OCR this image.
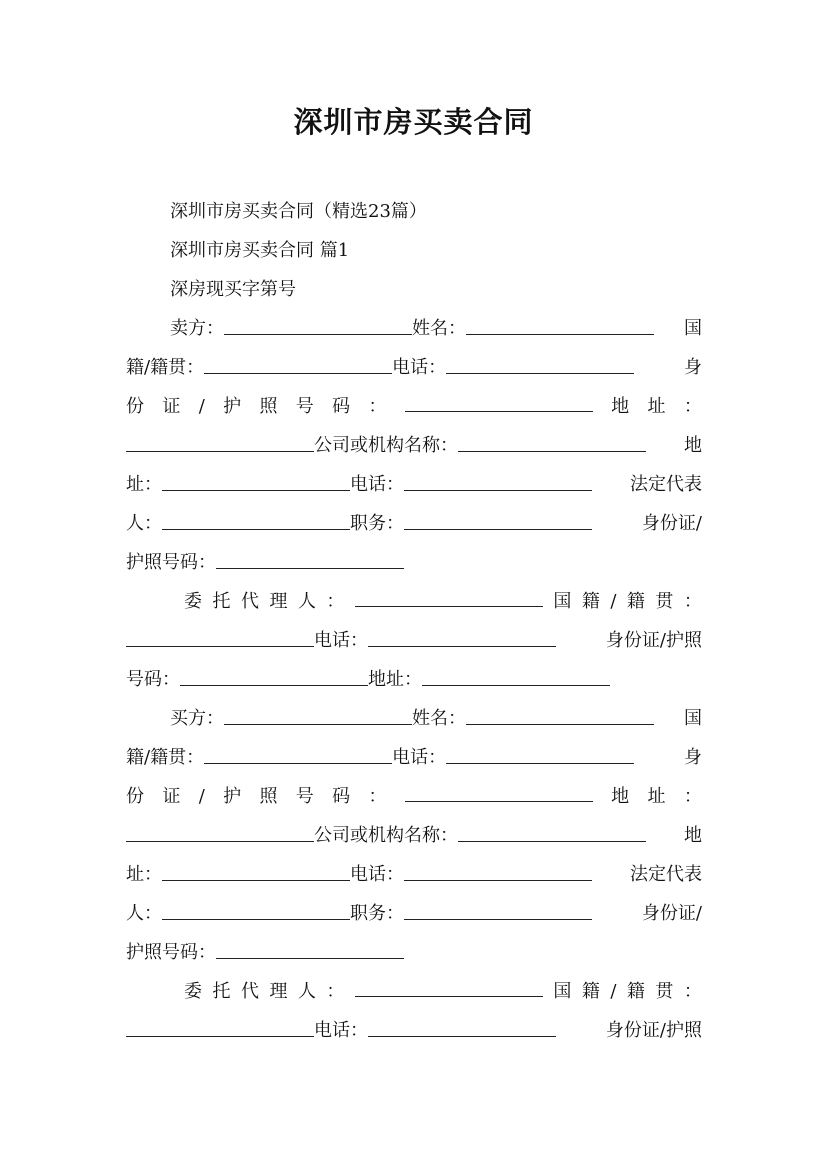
深圳市房买卖合同
深圳市房买卖合同（精选23篇）
深圳市房买卖合同 篇1
深房现买字第号
卖方：	姓名：	国
籍/籍贯：	电话：	身
份 证 / 护 照 号 码 ：	地 址 ：
公司或机构名称：	地
址：	电话：	法定代表
人：	职务：	身份证/
护照号码：
委 托 代 理 人 ：	国 籍 / 籍 贯 ：
电话：	身份证/护照
号码：	地址：
买方：	姓名：	国
籍/籍贯：	电话：	身
份 证 / 护 照 号 码 ：	地 址 ：
公司或机构名称：	地
址：	电话：	法定代表
人：	职务：	身份证/
护照号码：
委 托 代 理 人 ：	国 籍 / 籍 贯 ：
电话：	身份证/护照
